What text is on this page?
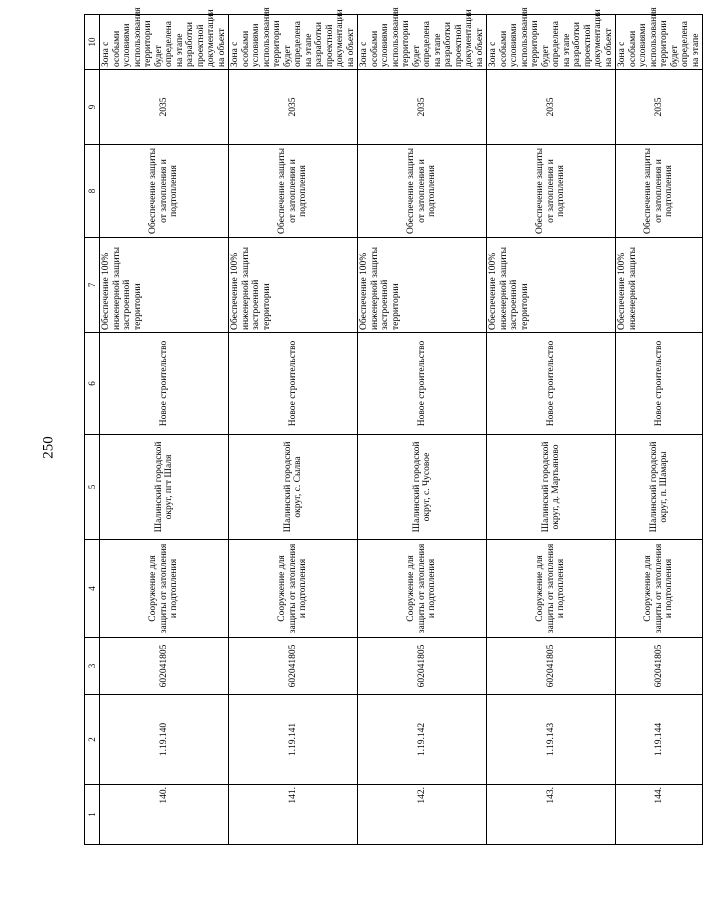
250
1	2	3	4	5	6	7	8	9	10
140.	1.19.140	602041805	Сооружение для защиты от затопления и подтопления	Шалинский городской округ, пгт Шаля	Новое строительство	Обеспечение 100% инженерной защиты застроенной территории	Обеспечение защиты от затопления и подтопления	2035	Зона с особыми условиями использования территории будет определена на этапе разработки проектной документации на объект
141.	1.19.141	602041805	Сооружение для защиты от затопления и подтопления	Шалинский городской округ, с. Сылва	Новое строительство	Обеспечение 100% инженерной защиты застроенной территории	Обеспечение защиты от затопления и подтопления	2035	Зона с особыми условиями использования территории будет определена на этапе разработки проектной документации на объект
142.	1.19.142	602041805	Сооружение для защиты от затопления и подтопления	Шалинский городской округ, с. Чусовое	Новое строительство	Обеспечение 100% инженерной защиты застроенной территории	Обеспечение защиты от затопления и подтопления	2035	Зона с особыми условиями использования территории будет определена на этапе разработки проектной документации на объект
143.	1.19.143	602041805	Сооружение для защиты от затопления и подтопления	Шалинский городской округ, д. Мартьяново	Новое строительство	Обеспечение 100% инженерной защиты застроенной территории	Обеспечение защиты от затопления и подтопления	2035	Зона с особыми условиями использования территории будет определена на этапе разработки проектной документации на объект
144.	1.19.144	602041805	Сооружение для защиты от затопления и подтопления	Шалинский городской округ, п. Шамары	Новое строительство	Обеспечение 100% инженерной защиты	Обеспечение защиты от затопления и подтопления	2035	Зона с особыми условиями использования территории будет определена на этапе
